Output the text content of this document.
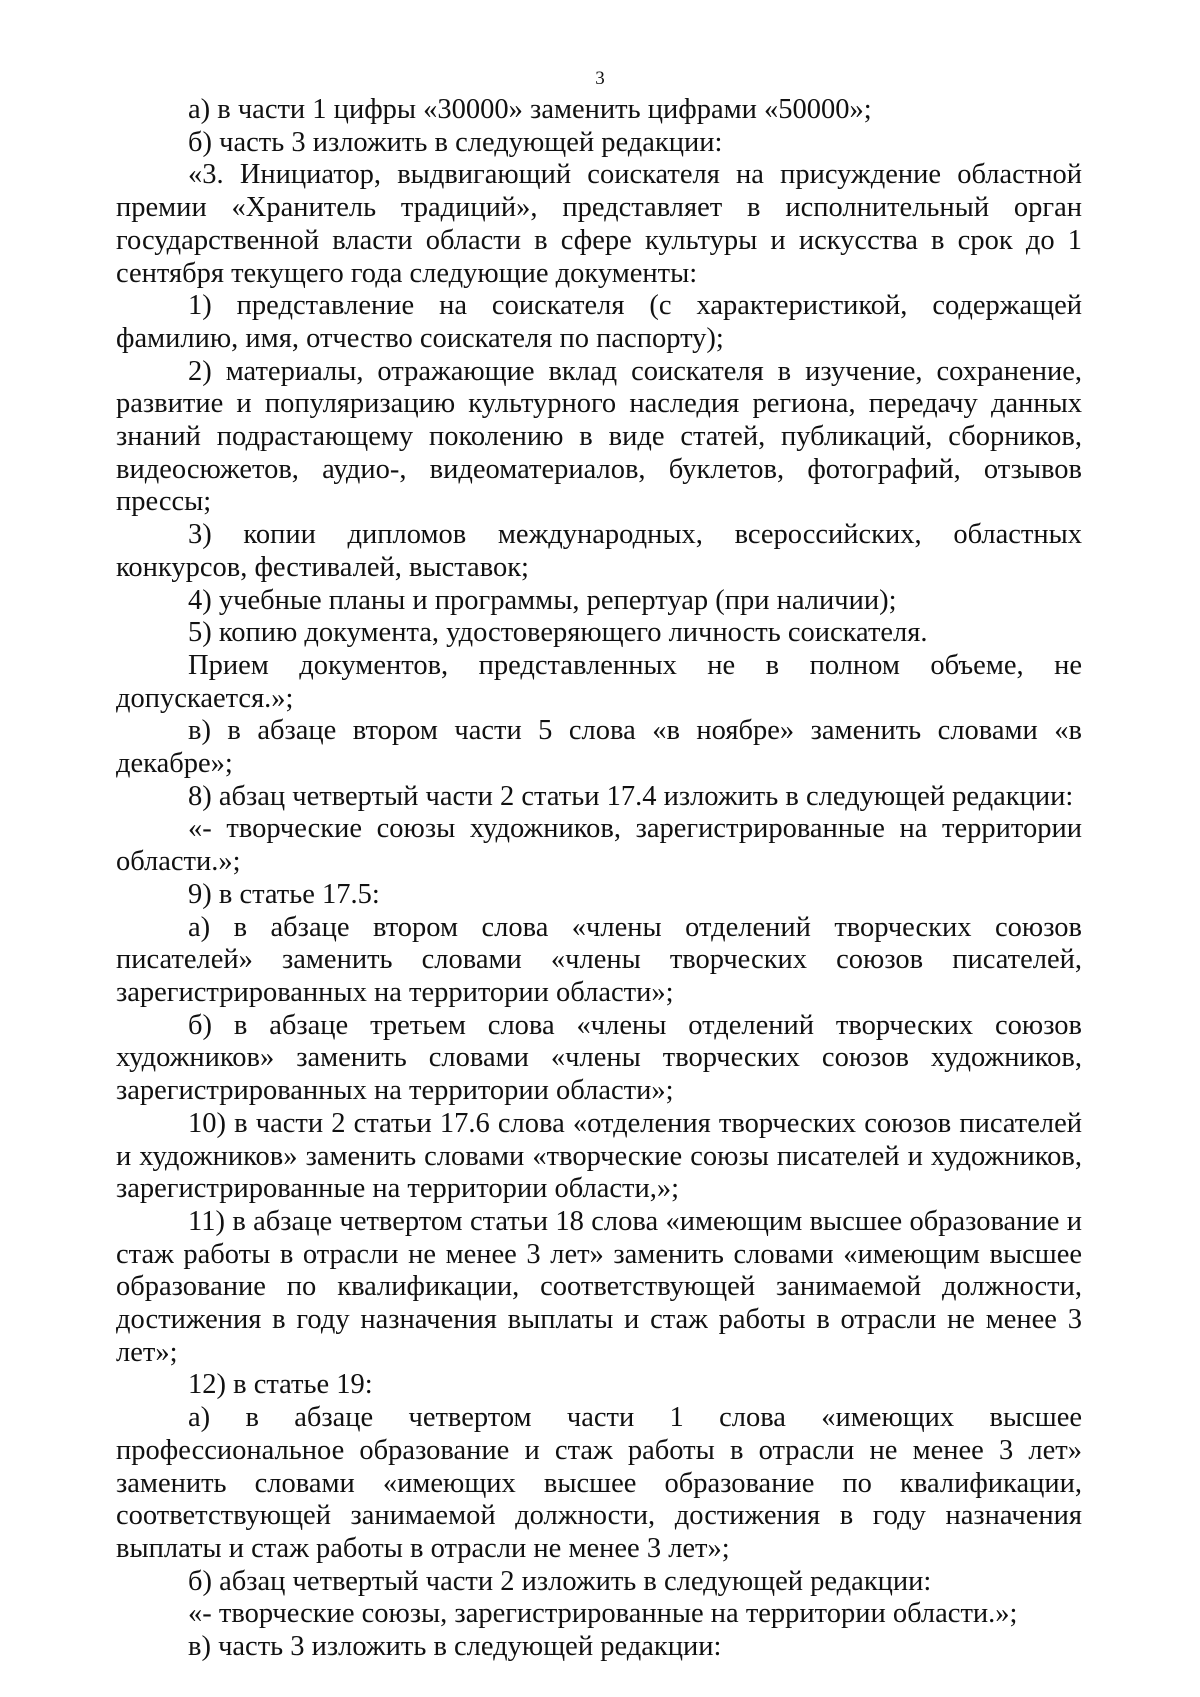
3

а) в части 1 цифры «30000» заменить цифрами «50000»;

б) часть 3 изложить в следующей редакции:

«3. Инициатор, выдвигающий соискателя на присуждение областной премии «Хранитель традиций», представляет в исполнительный орган государственной власти области в сфере культуры и искусства в срок до 1 сентября текущего года следующие документы:

1) представление на соискателя (с характеристикой, содержащей фамилию, имя, отчество соискателя по паспорту);

2) материалы, отражающие вклад соискателя в изучение, сохранение, развитие и популяризацию культурного наследия региона, передачу данных знаний подрастающему поколению в виде статей, публикаций, сборников, видеосюжетов, аудио-, видеоматериалов, буклетов, фотографий, отзывов прессы;

3) копии дипломов международных, всероссийских, областных конкурсов, фестивалей, выставок;

4) учебные планы и программы, репертуар (при наличии);

5) копию документа, удостоверяющего личность соискателя.

Прием документов, представленных не в полном объеме, не допускается.»;

в) в абзаце втором части 5 слова «в ноябре» заменить словами «в декабре»;

8) абзац четвертый части 2 статьи 17.4 изложить в следующей редакции:

«- творческие союзы художников, зарегистрированные на территории области.»;

9) в статье 17.5:

а) в абзаце втором слова «члены отделений творческих союзов писателей» заменить словами «члены творческих союзов писателей, зарегистрированных на территории области»;

б) в абзаце третьем слова «члены отделений творческих союзов художников» заменить словами «члены творческих союзов художников, зарегистрированных на территории области»;

10) в части 2 статьи 17.6 слова «отделения творческих союзов писателей и художников» заменить словами «творческие союзы писателей и художников, зарегистрированные на территории области,»;

11) в абзаце четвертом статьи 18 слова «имеющим высшее образование и стаж работы в отрасли не менее 3 лет» заменить словами «имеющим высшее образование по квалификации, соответствующей занимаемой должности, достижения в году назначения выплаты и стаж работы в отрасли не менее 3 лет»;

12) в статье 19:

а) в абзаце четвертом части 1 слова «имеющих высшее профессиональное образование и стаж работы в отрасли не менее 3 лет» заменить словами «имеющих высшее образование по квалификации, соответствующей занимаемой должности, достижения в году назначения выплаты и стаж работы в отрасли не менее 3 лет»;

б) абзац четвертый части 2 изложить в следующей редакции:

«- творческие союзы, зарегистрированные на территории области.»;

в) часть 3 изложить в следующей редакции:
